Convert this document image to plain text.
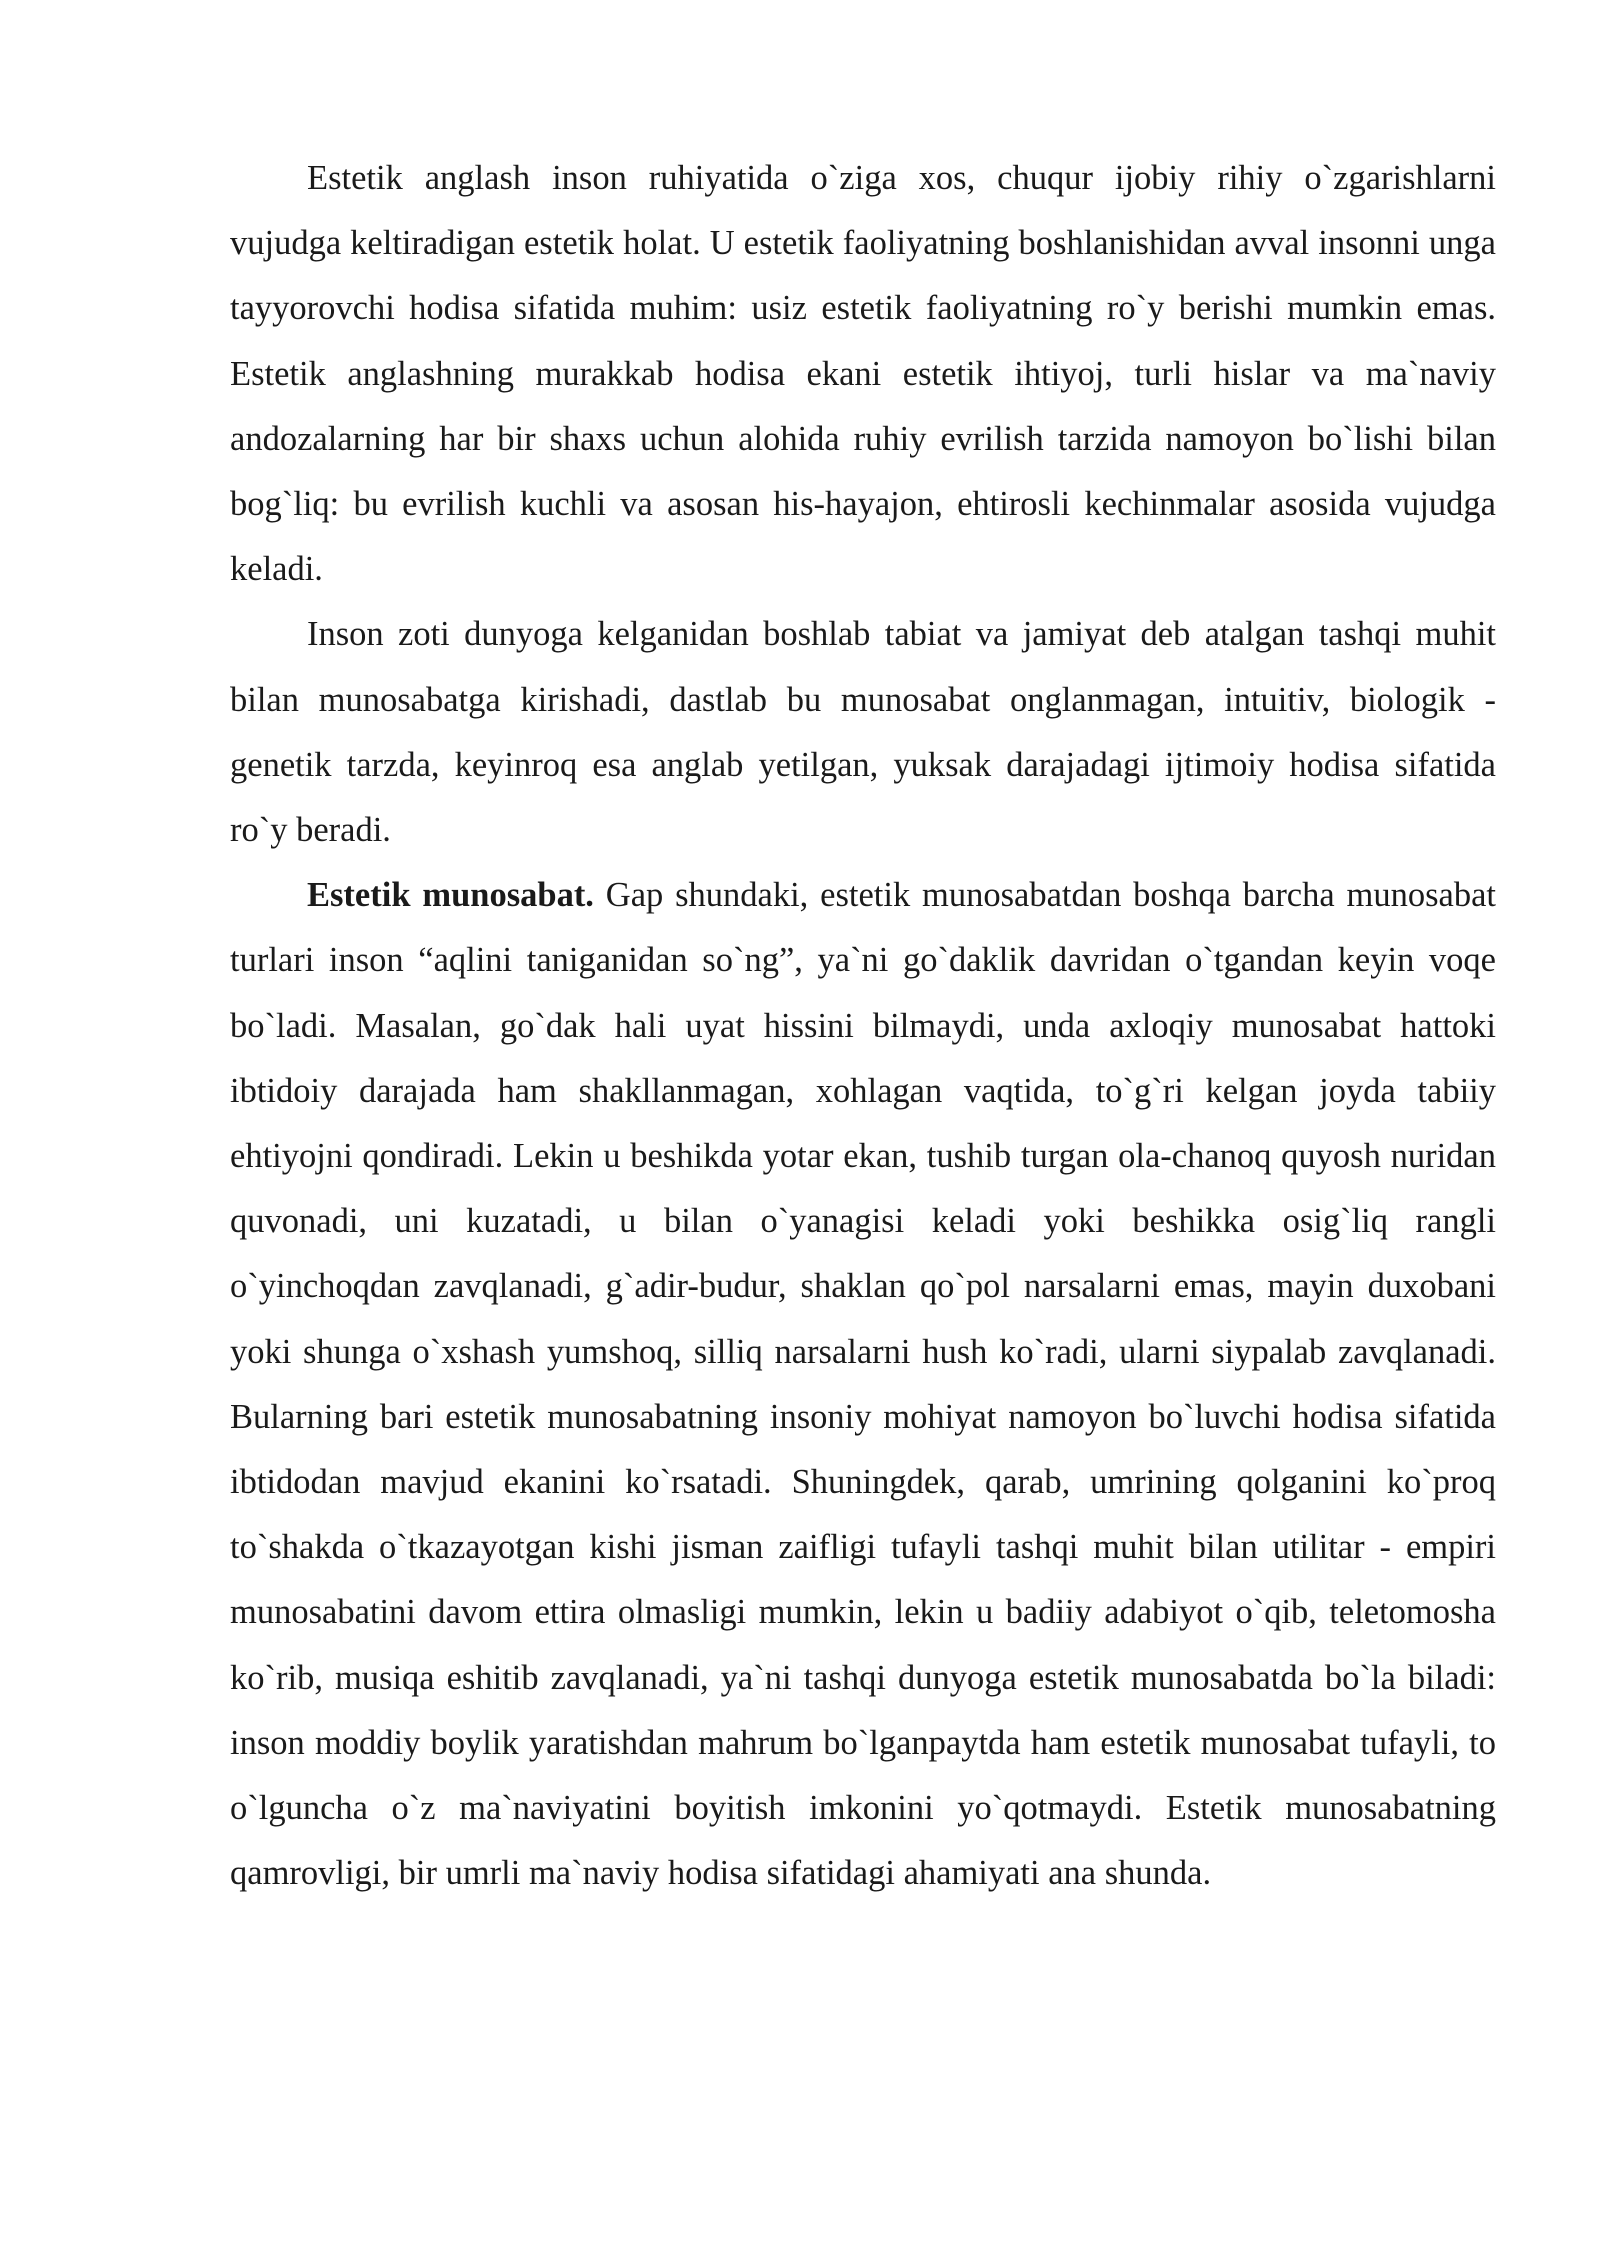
Estetik anglash inson ruhiyatida o`ziga xos, chuqur ijobiy rihiy o`zgarishlarni vujudga keltiradigan estetik holat. U estetik faoliyatning boshlanishidan avval insonni unga tayyorovchi hodisa sifatida muhim: usiz estetik faoliyatning ro`y berishi mumkin emas. Estetik anglashning murakkab hodisa ekani estetik ihtiyoj, turli hislar va ma`naviy andozalarning har bir shaxs uchun alohida ruhiy evrilish tarzida namoyon bo`lishi bilan bog`liq: bu evrilish kuchli va asosan his-hayajon, ehtirosli kechinmalar asosida vujudga keladi.

Inson zoti dunyoga kelganidan boshlab tabiat va jamiyat deb atalgan tashqi muhit bilan munosabatga kirishadi, dastlab bu munosabat onglanmagan, intuitiv, biologik -genetik tarzda, keyinroq esa anglab yetilgan, yuksak darajadagi ijtimoiy hodisa sifatida ro`y beradi.

Estetik munosabat. Gap shundaki, estetik munosabatdan boshqa barcha munosabat turlari inson “aqlini taniganidan so`ng”, ya`ni go`daklik davridan o`tgandan keyin voqe bo`ladi. Masalan, go`dak hali uyat hissini bilmaydi, unda axloqiy munosabat hattoki ibtidoiy darajada ham shakllanmagan, xohlagan vaqtida, to`g`ri kelgan joyda tabiiy ehtiyojni qondiradi. Lekin u beshikda yotar ekan, tushib turgan ola-chanoq quyosh nuridan quvonadi, uni kuzatadi, u bilan o`yanagisi keladi yoki beshikka osig`liq rangli o`yinchoqdan zavqlanadi, g`adir-budur, shaklan qo`pol narsalarni emas, mayin duxobani yoki shunga o`xshash yumshoq, silliq narsalarni hush ko`radi, ularni siypalab zavqlanadi. Bularning bari estetik munosabatning insoniy mohiyat namoyon bo`luvchi hodisa sifatida ibtidodan mavjud ekanini ko`rsatadi. Shuningdek, qarab, umrining qolganini ko`proq to`shakda o`tkazayotgan kishi jisman zaifligi tufayli tashqi muhit bilan utilitar - empiri munosabatini davom ettira olmasligi mumkin, lekin u badiiy adabiyot o`qib, teletomosha ko`rib, musiqa eshitib zavqlanadi, ya`ni tashqi dunyoga estetik munosabatda bo`la biladi: inson moddiy boylik yaratishdan mahrum bo`lganpaytda ham estetik munosabat tufayli, to o`lguncha o`z ma`naviyatini boyitish imkonini yo`qotmaydi. Estetik munosabatning qamrovligi, bir umrli ma`naviy hodisa sifatidagi ahamiyati ana shunda.
